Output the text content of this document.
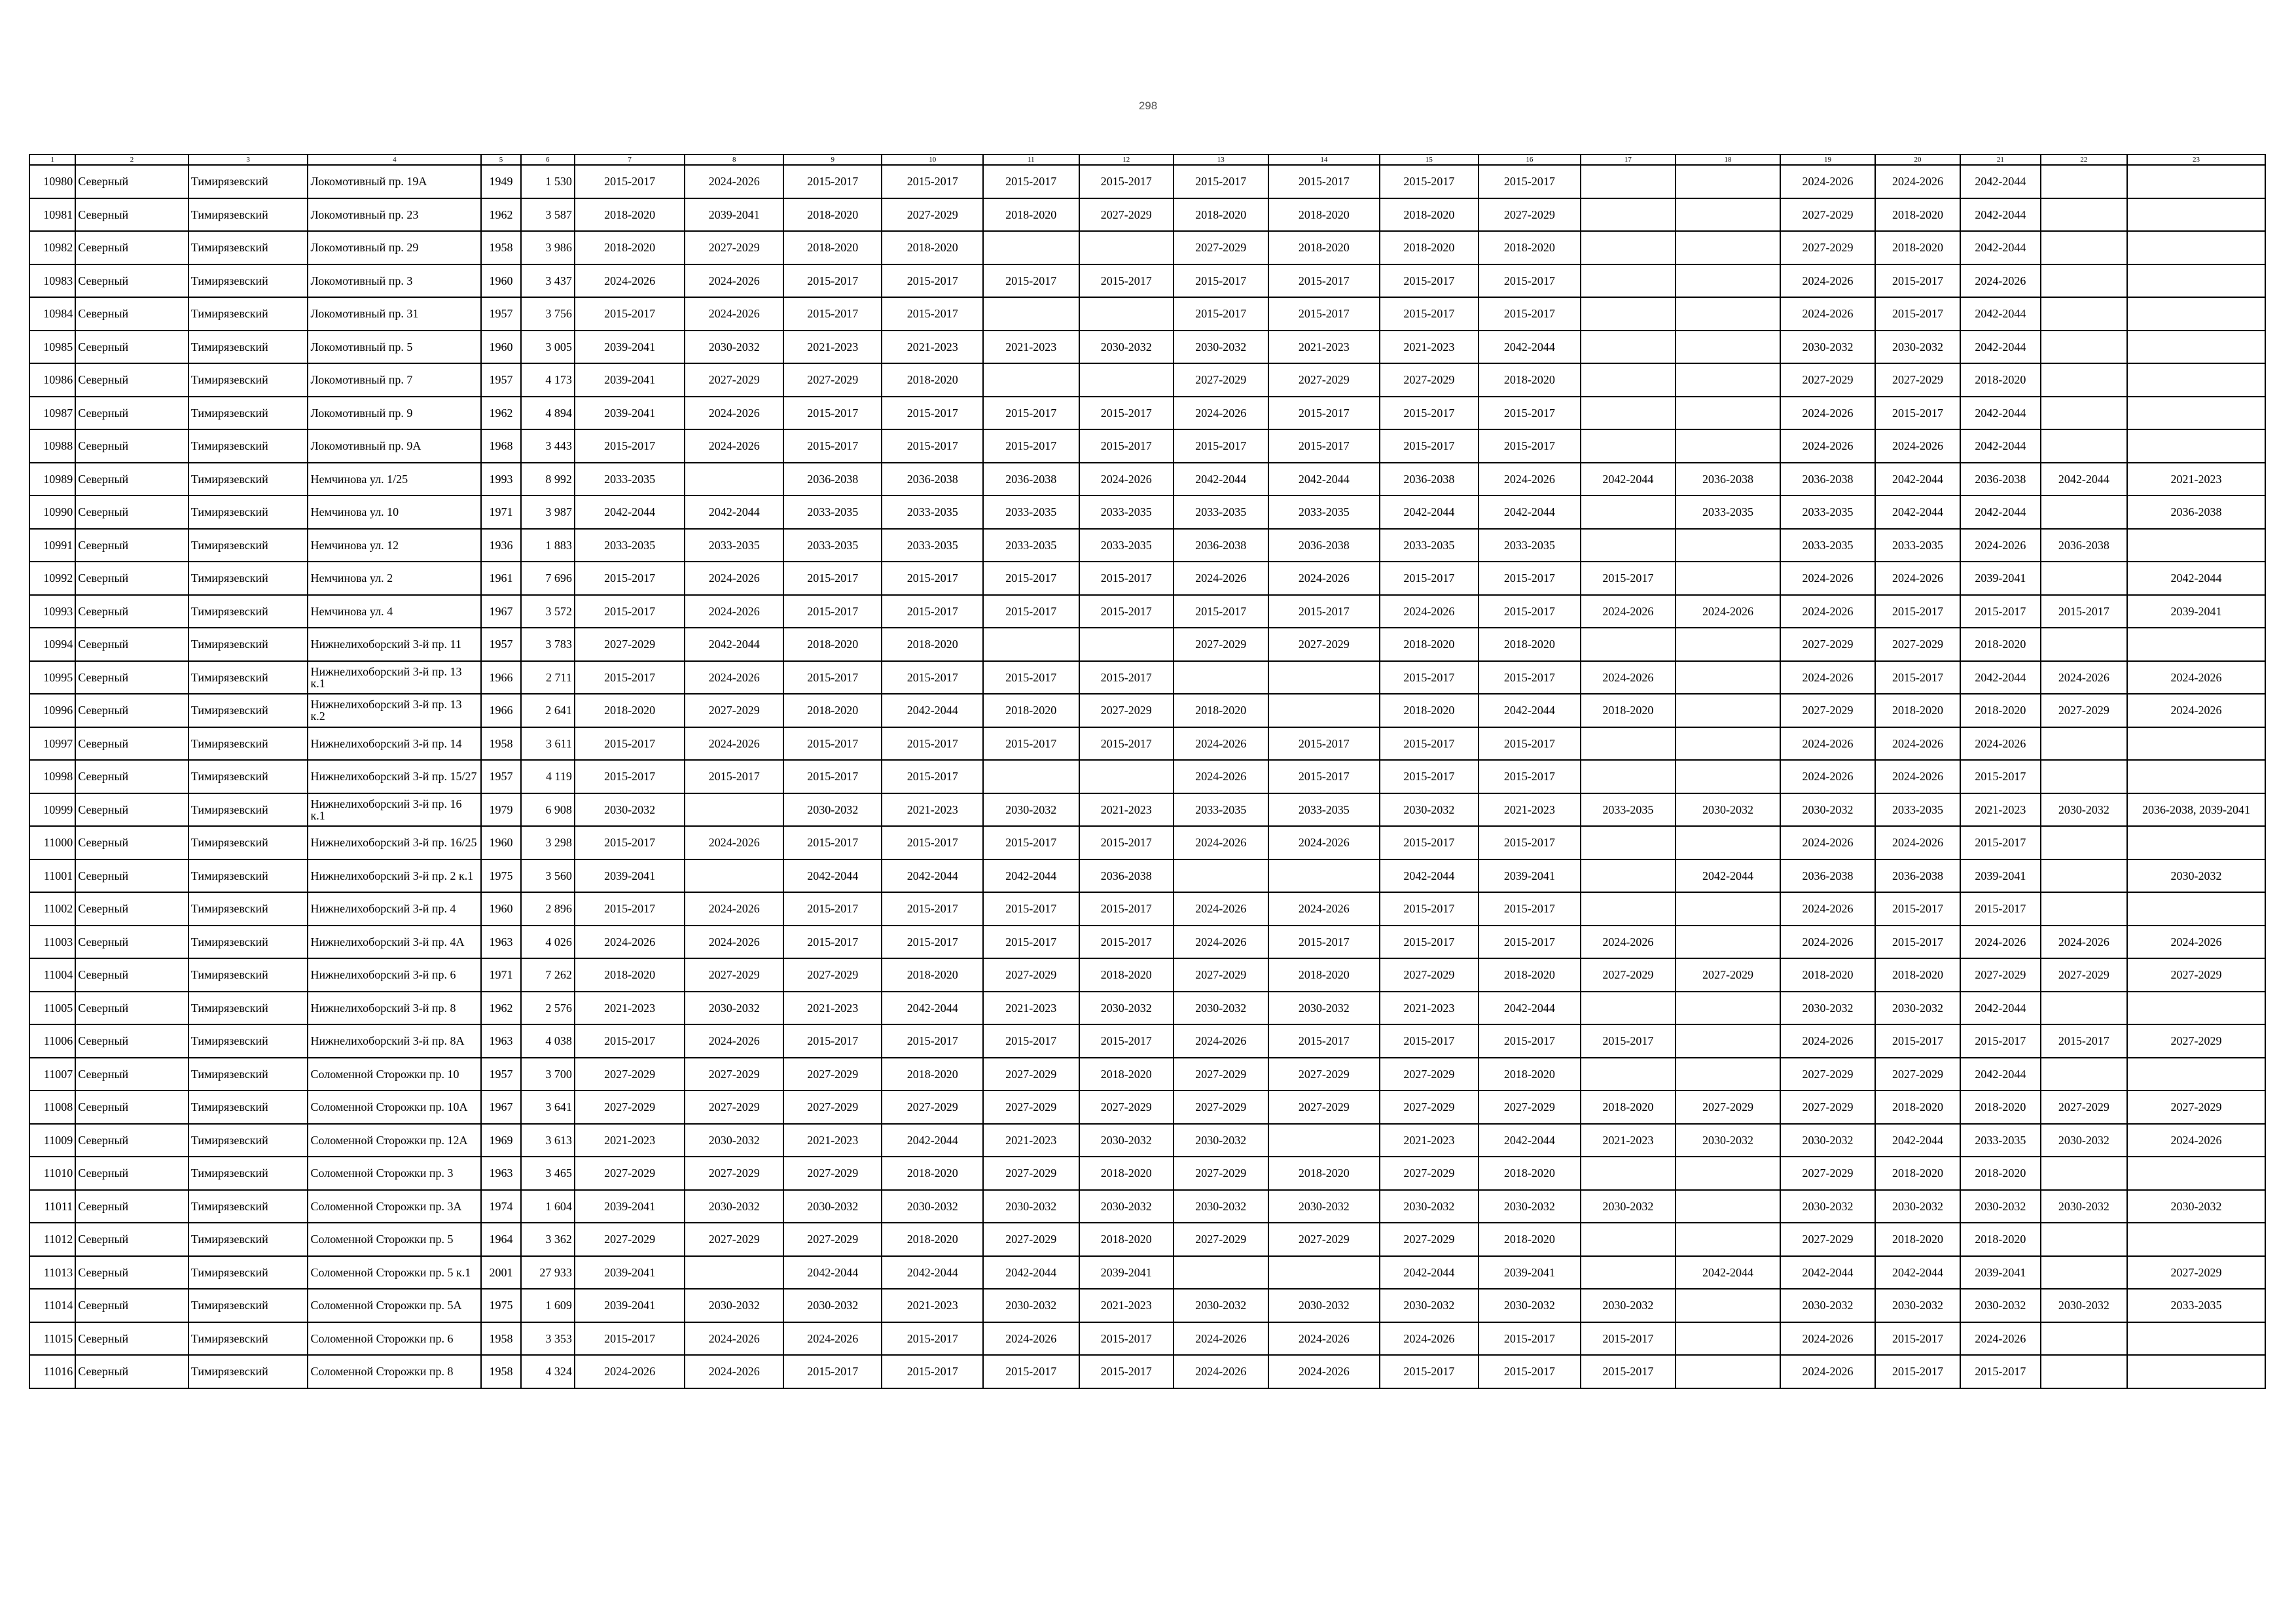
298
1	2	3	4	5	6	7	8	9	10	11	12	13	14	15	16	17	18	19	20	21	22	23
10980	Северный	Тимирязевский	Локомотивный пр. 19А	1949	1 530	2015-2017	2024-2026	2015-2017	2015-2017	2015-2017	2015-2017	2015-2017	2015-2017	2015-2017	2015-2017			2024-2026	2024-2026	2042-2044		
10981	Северный	Тимирязевский	Локомотивный пр. 23	1962	3 587	2018-2020	2039-2041	2018-2020	2027-2029	2018-2020	2027-2029	2018-2020	2018-2020	2018-2020	2027-2029			2027-2029	2018-2020	2042-2044		
10982	Северный	Тимирязевский	Локомотивный пр. 29	1958	3 986	2018-2020	2027-2029	2018-2020	2018-2020			2027-2029	2018-2020	2018-2020	2018-2020			2027-2029	2018-2020	2042-2044		
10983	Северный	Тимирязевский	Локомотивный пр. 3	1960	3 437	2024-2026	2024-2026	2015-2017	2015-2017	2015-2017	2015-2017	2015-2017	2015-2017	2015-2017	2015-2017			2024-2026	2015-2017	2024-2026		
10984	Северный	Тимирязевский	Локомотивный пр. 31	1957	3 756	2015-2017	2024-2026	2015-2017	2015-2017			2015-2017	2015-2017	2015-2017	2015-2017			2024-2026	2015-2017	2042-2044		
10985	Северный	Тимирязевский	Локомотивный пр. 5	1960	3 005	2039-2041	2030-2032	2021-2023	2021-2023	2021-2023	2030-2032	2030-2032	2021-2023	2021-2023	2042-2044			2030-2032	2030-2032	2042-2044		
10986	Северный	Тимирязевский	Локомотивный пр. 7	1957	4 173	2039-2041	2027-2029	2027-2029	2018-2020			2027-2029	2027-2029	2027-2029	2018-2020			2027-2029	2027-2029	2018-2020		
10987	Северный	Тимирязевский	Локомотивный пр. 9	1962	4 894	2039-2041	2024-2026	2015-2017	2015-2017	2015-2017	2015-2017	2024-2026	2015-2017	2015-2017	2015-2017			2024-2026	2015-2017	2042-2044		
10988	Северный	Тимирязевский	Локомотивный пр. 9А	1968	3 443	2015-2017	2024-2026	2015-2017	2015-2017	2015-2017	2015-2017	2015-2017	2015-2017	2015-2017	2015-2017			2024-2026	2024-2026	2042-2044		
10989	Северный	Тимирязевский	Немчинова ул. 1/25	1993	8 992	2033-2035		2036-2038	2036-2038	2036-2038	2024-2026	2042-2044	2042-2044	2036-2038	2024-2026	2042-2044	2036-2038	2036-2038	2042-2044	2036-2038	2042-2044	2021-2023
10990	Северный	Тимирязевский	Немчинова ул. 10	1971	3 987	2042-2044	2042-2044	2033-2035	2033-2035	2033-2035	2033-2035	2033-2035	2033-2035	2042-2044	2042-2044		2033-2035	2033-2035	2042-2044	2042-2044		2036-2038
10991	Северный	Тимирязевский	Немчинова ул. 12	1936	1 883	2033-2035	2033-2035	2033-2035	2033-2035	2033-2035	2033-2035	2036-2038	2036-2038	2033-2035	2033-2035			2033-2035	2033-2035	2024-2026	2036-2038	
10992	Северный	Тимирязевский	Немчинова ул. 2	1961	7 696	2015-2017	2024-2026	2015-2017	2015-2017	2015-2017	2015-2017	2024-2026	2024-2026	2015-2017	2015-2017	2015-2017		2024-2026	2024-2026	2039-2041		2042-2044
10993	Северный	Тимирязевский	Немчинова ул. 4	1967	3 572	2015-2017	2024-2026	2015-2017	2015-2017	2015-2017	2015-2017	2015-2017	2015-2017	2024-2026	2015-2017	2024-2026	2024-2026	2024-2026	2015-2017	2015-2017	2015-2017	2039-2041
10994	Северный	Тимирязевский	Нижнелихоборский 3-й пр. 11	1957	3 783	2027-2029	2042-2044	2018-2020	2018-2020			2027-2029	2027-2029	2018-2020	2018-2020			2027-2029	2027-2029	2018-2020		
10995	Северный	Тимирязевский	Нижнелихоборский 3-й пр. 13 к.1	1966	2 711	2015-2017	2024-2026	2015-2017	2015-2017	2015-2017	2015-2017			2015-2017	2015-2017	2024-2026		2024-2026	2015-2017	2042-2044	2024-2026	2024-2026
10996	Северный	Тимирязевский	Нижнелихоборский 3-й пр. 13 к.2	1966	2 641	2018-2020	2027-2029	2018-2020	2042-2044	2018-2020	2027-2029	2018-2020		2018-2020	2042-2044	2018-2020		2027-2029	2018-2020	2018-2020	2027-2029	2024-2026
10997	Северный	Тимирязевский	Нижнелихоборский 3-й пр. 14	1958	3 611	2015-2017	2024-2026	2015-2017	2015-2017	2015-2017	2015-2017	2024-2026	2015-2017	2015-2017	2015-2017			2024-2026	2024-2026	2024-2026		
10998	Северный	Тимирязевский	Нижнелихоборский 3-й пр. 15/27	1957	4 119	2015-2017	2015-2017	2015-2017	2015-2017			2024-2026	2015-2017	2015-2017	2015-2017			2024-2026	2024-2026	2015-2017		
10999	Северный	Тимирязевский	Нижнелихоборский 3-й пр. 16 к.1	1979	6 908	2030-2032		2030-2032	2021-2023	2030-2032	2021-2023	2033-2035	2033-2035	2030-2032	2021-2023	2033-2035	2030-2032	2030-2032	2033-2035	2021-2023	2030-2032	2036-2038, 2039-2041
11000	Северный	Тимирязевский	Нижнелихоборский 3-й пр. 16/25	1960	3 298	2015-2017	2024-2026	2015-2017	2015-2017	2015-2017	2015-2017	2024-2026	2024-2026	2015-2017	2015-2017			2024-2026	2024-2026	2015-2017		
11001	Северный	Тимирязевский	Нижнелихоборский 3-й пр. 2 к.1	1975	3 560	2039-2041		2042-2044	2042-2044	2042-2044	2036-2038			2042-2044	2039-2041		2042-2044	2036-2038	2036-2038	2039-2041		2030-2032
11002	Северный	Тимирязевский	Нижнелихоборский 3-й пр. 4	1960	2 896	2015-2017	2024-2026	2015-2017	2015-2017	2015-2017	2015-2017	2024-2026	2024-2026	2015-2017	2015-2017			2024-2026	2015-2017	2015-2017		
11003	Северный	Тимирязевский	Нижнелихоборский 3-й пр. 4А	1963	4 026	2024-2026	2024-2026	2015-2017	2015-2017	2015-2017	2015-2017	2024-2026	2015-2017	2015-2017	2015-2017	2024-2026		2024-2026	2015-2017	2024-2026	2024-2026	2024-2026
11004	Северный	Тимирязевский	Нижнелихоборский 3-й пр. 6	1971	7 262	2018-2020	2027-2029	2027-2029	2018-2020	2027-2029	2018-2020	2027-2029	2018-2020	2027-2029	2018-2020	2027-2029	2027-2029	2018-2020	2018-2020	2027-2029	2027-2029	2027-2029
11005	Северный	Тимирязевский	Нижнелихоборский 3-й пр. 8	1962	2 576	2021-2023	2030-2032	2021-2023	2042-2044	2021-2023	2030-2032	2030-2032	2030-2032	2021-2023	2042-2044			2030-2032	2030-2032	2042-2044		
11006	Северный	Тимирязевский	Нижнелихоборский 3-й пр. 8А	1963	4 038	2015-2017	2024-2026	2015-2017	2015-2017	2015-2017	2015-2017	2024-2026	2015-2017	2015-2017	2015-2017	2015-2017		2024-2026	2015-2017	2015-2017	2015-2017	2027-2029
11007	Северный	Тимирязевский	Соломенной Сторожки пр. 10	1957	3 700	2027-2029	2027-2029	2027-2029	2018-2020	2027-2029	2018-2020	2027-2029	2027-2029	2027-2029	2018-2020			2027-2029	2027-2029	2042-2044		
11008	Северный	Тимирязевский	Соломенной Сторожки пр. 10А	1967	3 641	2027-2029	2027-2029	2027-2029	2027-2029	2027-2029	2027-2029	2027-2029	2027-2029	2027-2029	2027-2029	2018-2020	2027-2029	2027-2029	2018-2020	2018-2020	2027-2029	2027-2029
11009	Северный	Тимирязевский	Соломенной Сторожки пр. 12А	1969	3 613	2021-2023	2030-2032	2021-2023	2042-2044	2021-2023	2030-2032	2030-2032		2021-2023	2042-2044	2021-2023	2030-2032	2030-2032	2042-2044	2033-2035	2030-2032	2024-2026
11010	Северный	Тимирязевский	Соломенной Сторожки пр. 3	1963	3 465	2027-2029	2027-2029	2027-2029	2018-2020	2027-2029	2018-2020	2027-2029	2018-2020	2027-2029	2018-2020			2027-2029	2018-2020	2018-2020		
11011	Северный	Тимирязевский	Соломенной Сторожки пр. 3А	1974	1 604	2039-2041	2030-2032	2030-2032	2030-2032	2030-2032	2030-2032	2030-2032	2030-2032	2030-2032	2030-2032	2030-2032		2030-2032	2030-2032	2030-2032	2030-2032	2030-2032
11012	Северный	Тимирязевский	Соломенной Сторожки пр. 5	1964	3 362	2027-2029	2027-2029	2027-2029	2018-2020	2027-2029	2018-2020	2027-2029	2027-2029	2027-2029	2018-2020			2027-2029	2018-2020	2018-2020		
11013	Северный	Тимирязевский	Соломенной Сторожки пр. 5 к.1	2001	27 933	2039-2041		2042-2044	2042-2044	2042-2044	2039-2041			2042-2044	2039-2041		2042-2044	2042-2044	2042-2044	2039-2041		2027-2029
11014	Северный	Тимирязевский	Соломенной Сторожки пр. 5А	1975	1 609	2039-2041	2030-2032	2030-2032	2021-2023	2030-2032	2021-2023	2030-2032	2030-2032	2030-2032	2030-2032	2030-2032		2030-2032	2030-2032	2030-2032	2030-2032	2033-2035
11015	Северный	Тимирязевский	Соломенной Сторожки пр. 6	1958	3 353	2015-2017	2024-2026	2024-2026	2015-2017	2024-2026	2015-2017	2024-2026	2024-2026	2024-2026	2015-2017	2015-2017		2024-2026	2015-2017	2024-2026		
11016	Северный	Тимирязевский	Соломенной Сторожки пр. 8	1958	4 324	2024-2026	2024-2026	2015-2017	2015-2017	2015-2017	2015-2017	2024-2026	2024-2026	2015-2017	2015-2017	2015-2017		2024-2026	2015-2017	2015-2017		
